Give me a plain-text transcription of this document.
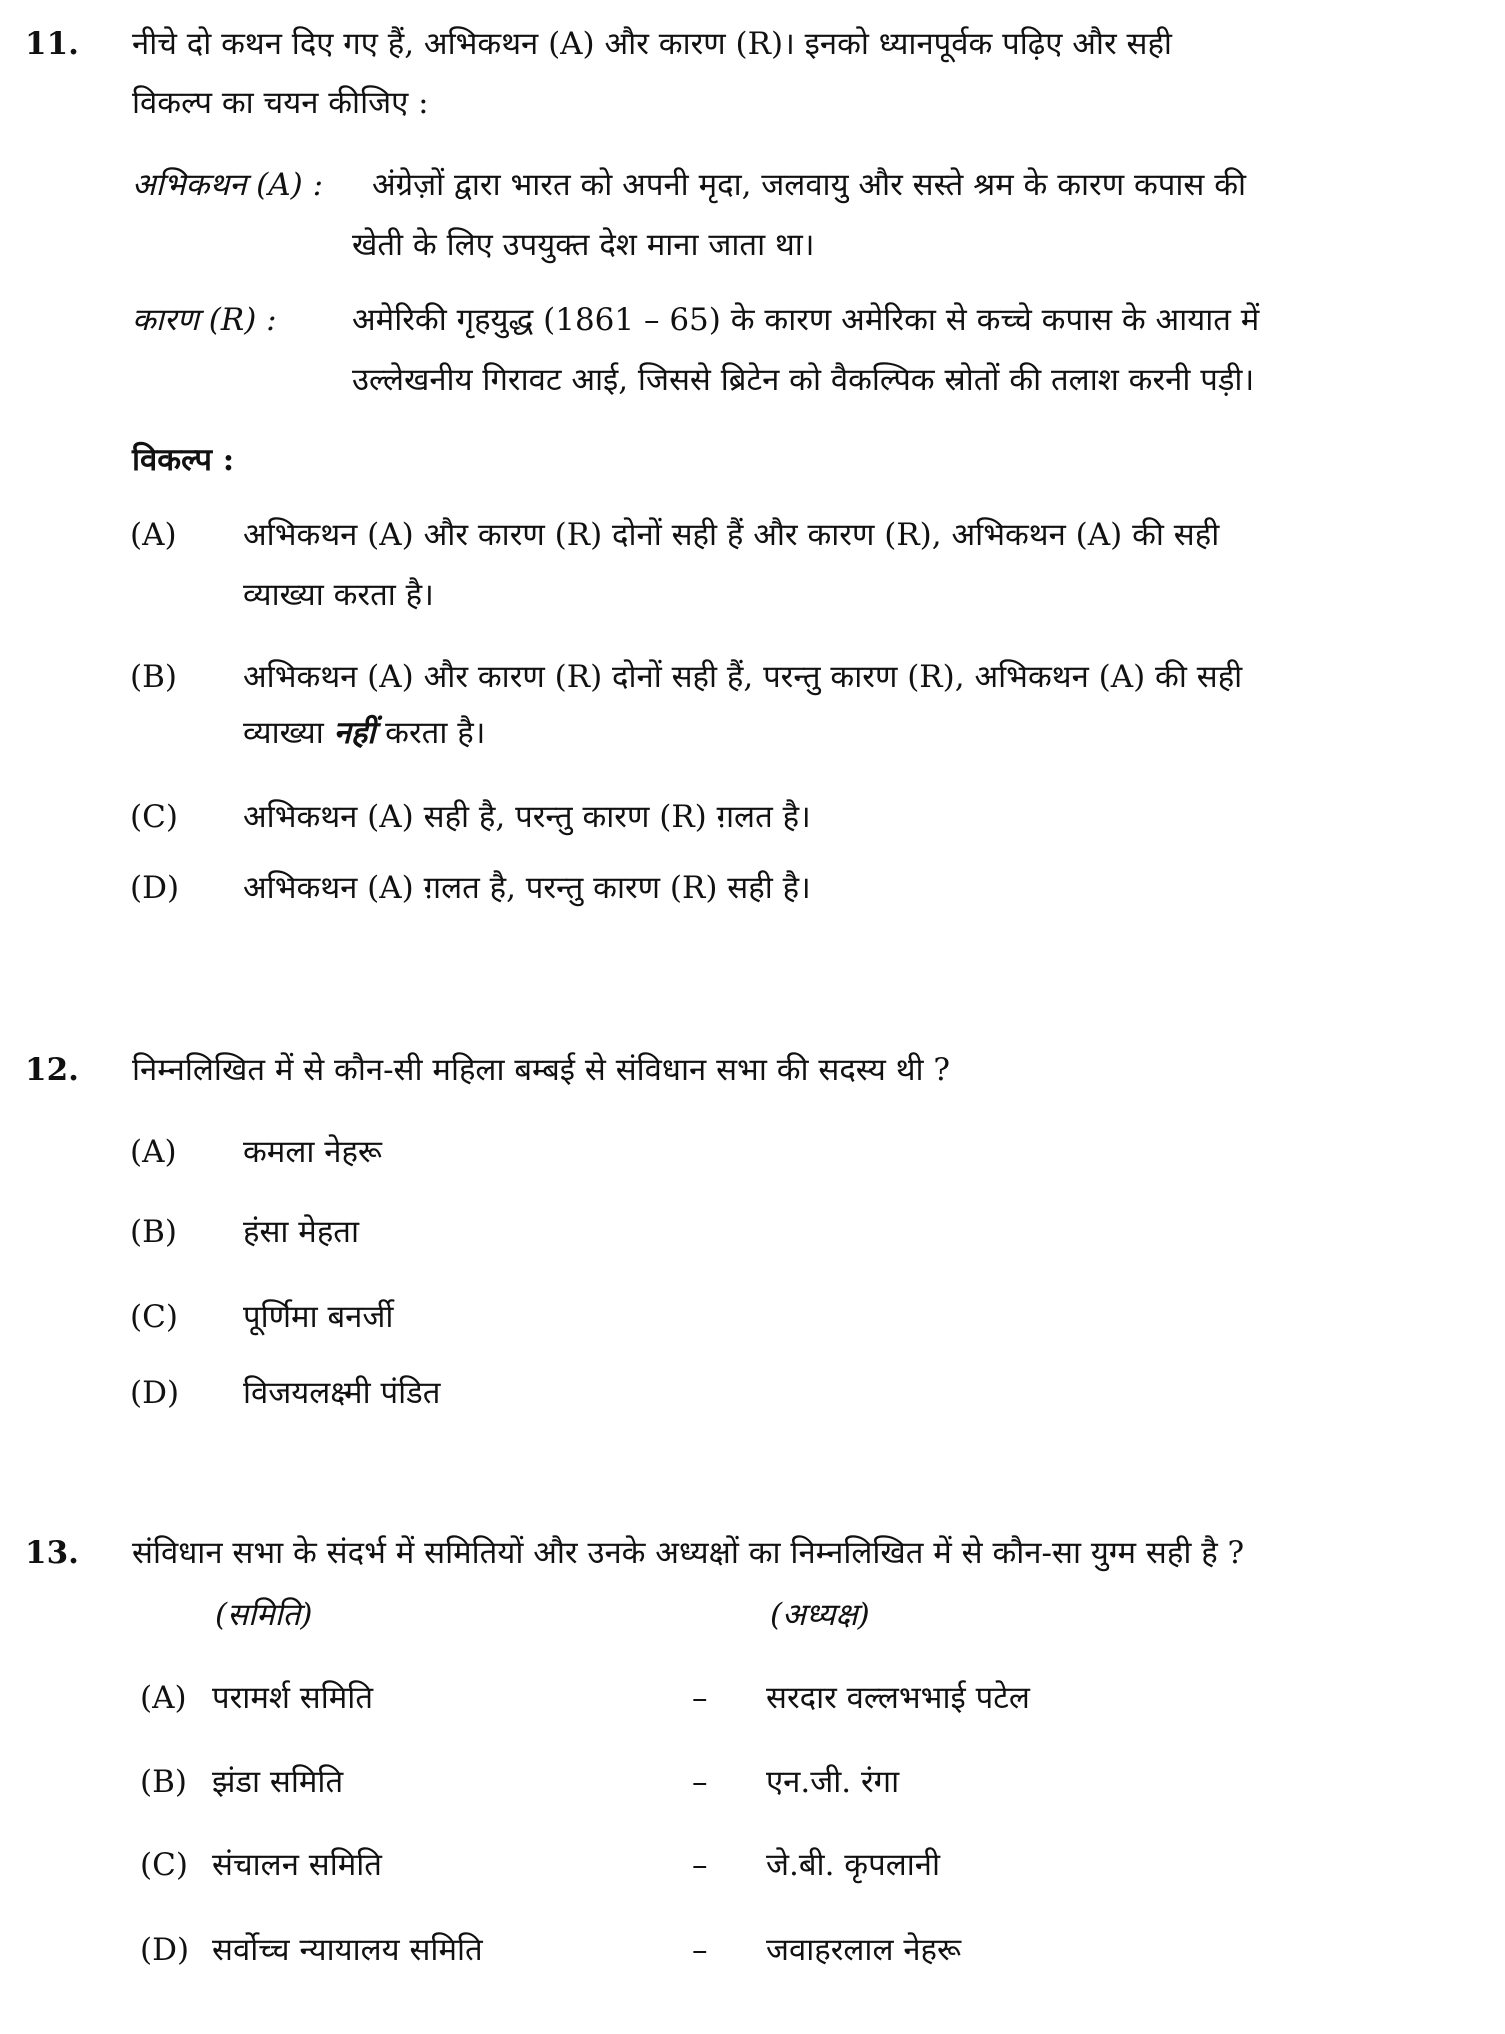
11. नीचे दो कथन दिए गए हैं, अभिकथन (A) और कारण (R)। इनको ध्यानपूर्वक पढ़िए और सही
विकल्प का चयन कीजिए :
अभिकथन (A) : अंग्रेज़ों द्वारा भारत को अपनी मृदा, जलवायु और सस्ते श्रम के कारण कपास की
खेती के लिए उपयुक्त देश माना जाता था।
कारण (R) : अमेरिकी गृहयुद्ध (1861 – 65) के कारण अमेरिका से कच्चे कपास के आयात में
उल्लेखनीय गिरावट आई, जिससे ब्रिटेन को वैकल्पिक स्रोतों की तलाश करनी पड़ी।
विकल्प :
(A) अभिकथन (A) और कारण (R) दोनों सही हैं और कारण (R), अभिकथन (A) की सही
व्याख्या करता है।
(B) अभिकथन (A) और कारण (R) दोनों सही हैं, परन्तु कारण (R), अभिकथन (A) की सही
व्याख्या नहीं करता है।
(C) अभिकथन (A) सही है, परन्तु कारण (R) ग़लत है।
(D) अभिकथन (A) ग़लत है, परन्तु कारण (R) सही है।
12. निम्नलिखित में से कौन-सी महिला बम्बई से संविधान सभा की सदस्य थी ?
(A) कमला नेहरू
(B) हंसा मेहता
(C) पूर्णिमा बनर्जी
(D) विजयलक्ष्मी पंडित
13. संविधान सभा के संदर्भ में समितियों और उनके अध्यक्षों का निम्नलिखित में से कौन-सा युग्म सही है ?
(समिति)	(अध्यक्ष)
(A) परामर्श समिति	– सरदार वल्लभभाई पटेल
(B) झंडा समिति	– एन.जी. रंगा
(C) संचालन समिति	– जे.बी. कृपलानी
(D) सर्वोच्च न्यायालय समिति	– जवाहरलाल नेहरू
